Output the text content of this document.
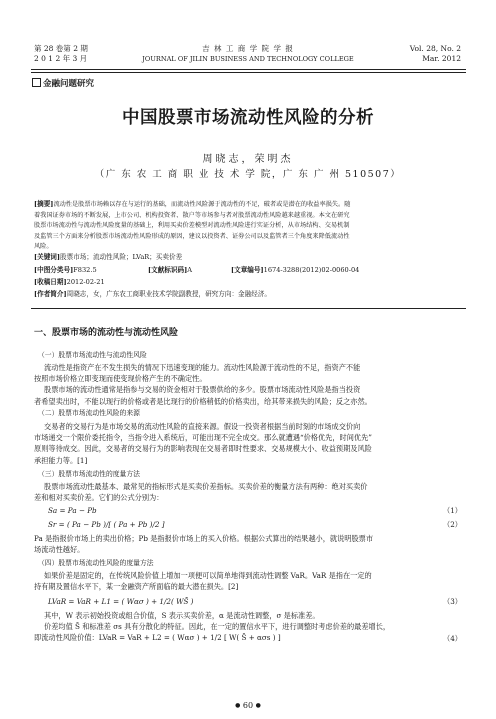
第 28 卷第 2 期
2 0 1 2 年 3 月
吉 林 工 商 学 院 学 报
JOURNAL OF JILIN BUSINESS AND TECHNOLOGY COLLEGE
Vol. 28, No. 2
Mar. 2012
金融问题研究
中国股票市场流动性风险的分析
周晓志，荣明杰
（广 东 农 工 商 职 业 技 术 学 院，广 东 广 州 510507）
[摘要]流动性是股票市场赖以存在与运行的基础，而流动性风险源于流动性的不足，破者或是潜在的收益率损失。随
着我国证券市场的不断发展，上市公司、机构投资者、散户等市场参与者对股票流动性风险越来越重视。本文在研究
股票市场流动性与流动性风险度量的基础上，利用买卖价差模型对流动性风险进行实证分析，从市场结构、交易机制
及监管三个方面来分析股票市场流动性风险形成的原因，建议以投资者、证券公司以及监管者三个角度来降低流动性
风险。
[关键词]股票市场；流动性风险；LVaR；买卖价差
[中图分类号]F832.5	[文献标识码]A	[文章编号]1674-3288(2012)02-0060-04
[收稿日期]2012-02-21
[作者简介]周晓志，女，广东农工商职业技术学院副教授，研究方向：金融经济。
一、股票市场的流动性与流动性风险
（一）股票市场流动性与流动性风险
流动性是指资产在不发生损失的情况下迅速变现的能力。流动性风险源于流动性的不足，指资产不能
按照市场价格立即变现而使变现价格产生的不确定性。
股票市场的流动性通常是指参与交易的资金相对于股票供给的多少。股票市场流动性风险是指当投资
者希望卖出时，不能以现行的价格或者是比现行的价格稍低的价格卖出，给其带来损失的风险；反之亦然。
（二）股票市场流动性风险的来源
交易者的交易行为是市场交易的流动性风险的直接来源。假设一投资者根据当前时刻的市场成交价向
市场递交一个限价委托指令，当指令进入系统后，可能出现不完全成交。那么就遭遇“价格优先，时间优先”
原则等待成交。因此，交易者的交易行为的影响表现在交易者即时性要求、交易规模大小、收益预期及风险
承担能力等。[1]
（三）股票市场流动性的度量方法
股票市场流动性最基本、最常见的指标形式是买卖价差指标。买卖价差的衡量方法有两种：绝对买卖价
差和相对买卖价差。它们的公式分别为：
Sa = Pa − Pb	（1）
Sr = ( Pa − Pb )/[ ( Pa + Pb )/2 ]	（2）
Pa 是指报价市场上的卖出价格；Pb 是指报价市场上的买入价格。根据公式算出的结果越小，就说明股票市
场流动性越好。
（四）股票市场流动性风险的度量方法
如果价差是固定的，在传统风险价值上增加一项便可以简单地得到流动性调整 VaR。VaR 是指在一定的
持有期及置信水平下，某一金融资产所面临的最大潜在损失。[2]
LVaR = VaR + L1 = ( Wασ ) + 1/2( WS̄ )	（3）
其中，W 表示初始投资或组合价值，S 表示买卖价差，α 是流动性调整，σ 是标准差。
价差均值 S̄ 和标准差 σs 具有分散化的特征。因此，在一定的置信水平下，进行调整时考虑价差的最差增长，
即流动性风险价值：LVaR = VaR + L2 = ( Wασ ) + 1/2 [ W( S̄ + ασs ) ]	（4）
● 60 ●
